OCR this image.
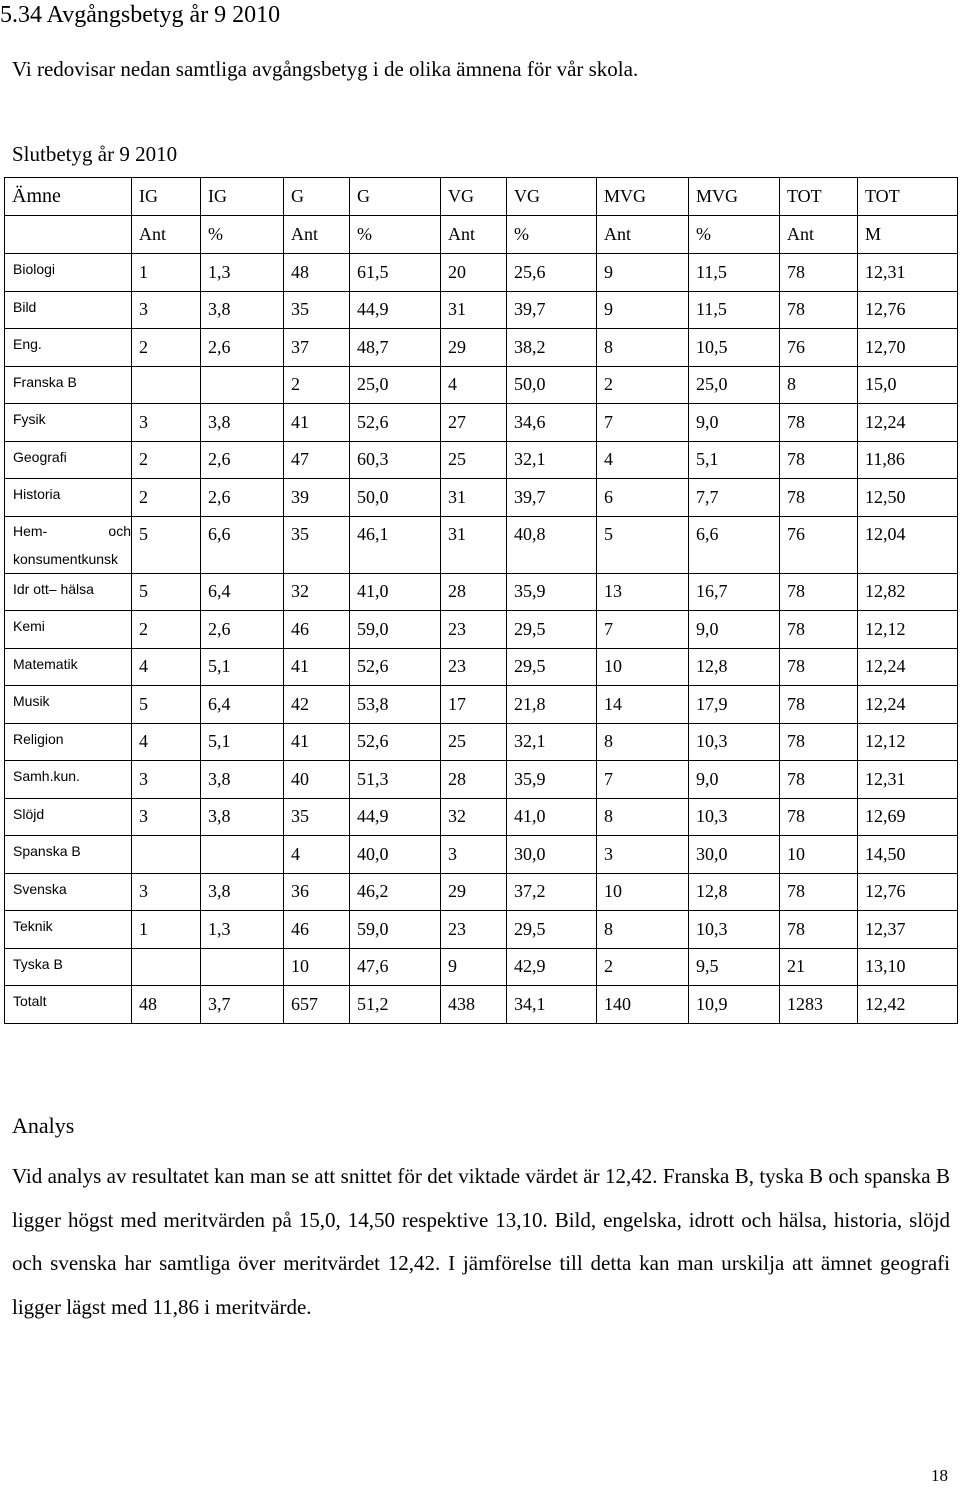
5.34 Avgångsbetyg år 9 2010
Vi redovisar nedan samtliga avgångsbetyg i de olika ämnena för vår skola.
Slutbetyg år 9 2010
Ämne	IG	IG	G	G	VG	VG	MVG	MVG	TOT	TOT
	Ant	%	Ant	%	Ant	%	Ant	%	Ant	M
Biologi	1	1,3	48	61,5	20	25,6	9	11,5	78	12,31
Bild	3	3,8	35	44,9	31	39,7	9	11,5	78	12,76
Eng.	2	2,6	37	48,7	29	38,2	8	10,5	76	12,70
Franska B			2	25,0	4	50,0	2	25,0	8	15,0
Fysik	3	3,8	41	52,6	27	34,6	7	9,0	78	12,24
Geografi	2	2,6	47	60,3	25	32,1	4	5,1	78	11,86
Historia	2	2,6	39	50,0	31	39,7	6	7,7	78	12,50

Hem- och
konsumentkunsk	5	6,6	35	46,1	31	40,8	5	6,6	76	12,04
Idr ott– hälsa	5	6,4	32	41,0	28	35,9	13	16,7	78	12,82
Kemi	2	2,6	46	59,0	23	29,5	7	9,0	78	12,12
Matematik	4	5,1	41	52,6	23	29,5	10	12,8	78	12,24
Musik	5	6,4	42	53,8	17	21,8	14	17,9	78	12,24
Religion	4	5,1	41	52,6	25	32,1	8	10,3	78	12,12
Samh.kun.	3	3,8	40	51,3	28	35,9	7	9,0	78	12,31
Slöjd	3	3,8	35	44,9	32	41,0	8	10,3	78	12,69
Spanska B			4	40,0	3	30,0	3	30,0	10	14,50
Svenska	3	3,8	36	46,2	29	37,2	10	12,8	78	12,76
Teknik	1	1,3	46	59,0	23	29,5	8	10,3	78	12,37
Tyska B			10	47,6	9	42,9	2	9,5	21	13,10
Totalt	48	3,7	657	51,2	438	34,1	140	10,9	1283	12,42
Analys
Vid analys av resultatet kan man se att snittet för det viktade värdet är 12,42. Franska B, tyska B och spanska B ligger högst med meritvärden på 15,0, 14,50 respektive 13,10. Bild, engelska, idrott och hälsa, historia, slöjd och svenska har samtliga över meritvärdet 12,42. I jämförelse till detta kan man urskilja att ämnet geografi ligger lägst med 11,86 i meritvärde.
18
